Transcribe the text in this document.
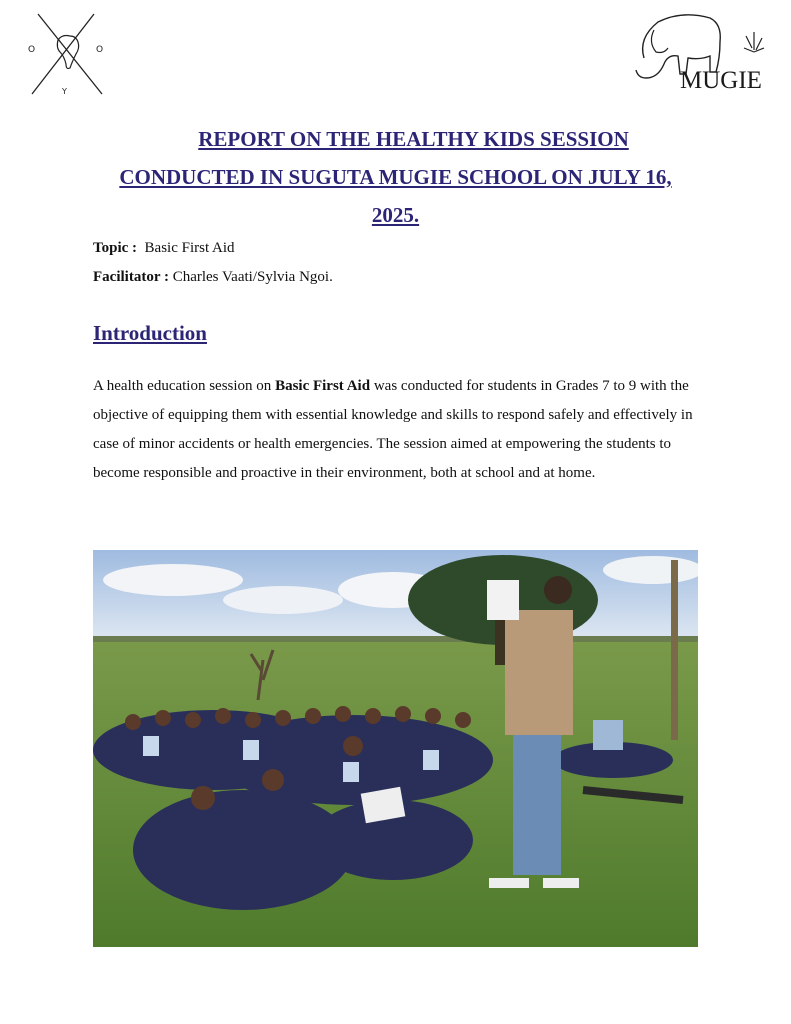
O	O
Y	MUGIE
REPORT ON THE HEALTHY KIDS SESSION
CONDUCTED IN SUGUTA MUGIE SCHOOL ON JULY 16,
2025.
Topic : Basic First Aid
Facilitator : Charles Vaati/Sylvia Ngoi.
Introduction
A health education session on Basic First Aid was conducted for students in Grades 7 to 9 with the objective of equipping them with essential knowledge and skills to respond safely and effectively in case of minor accidents or health emergencies. The session aimed at empowering the students to become responsible and proactive in their environment, both at school and at home.
